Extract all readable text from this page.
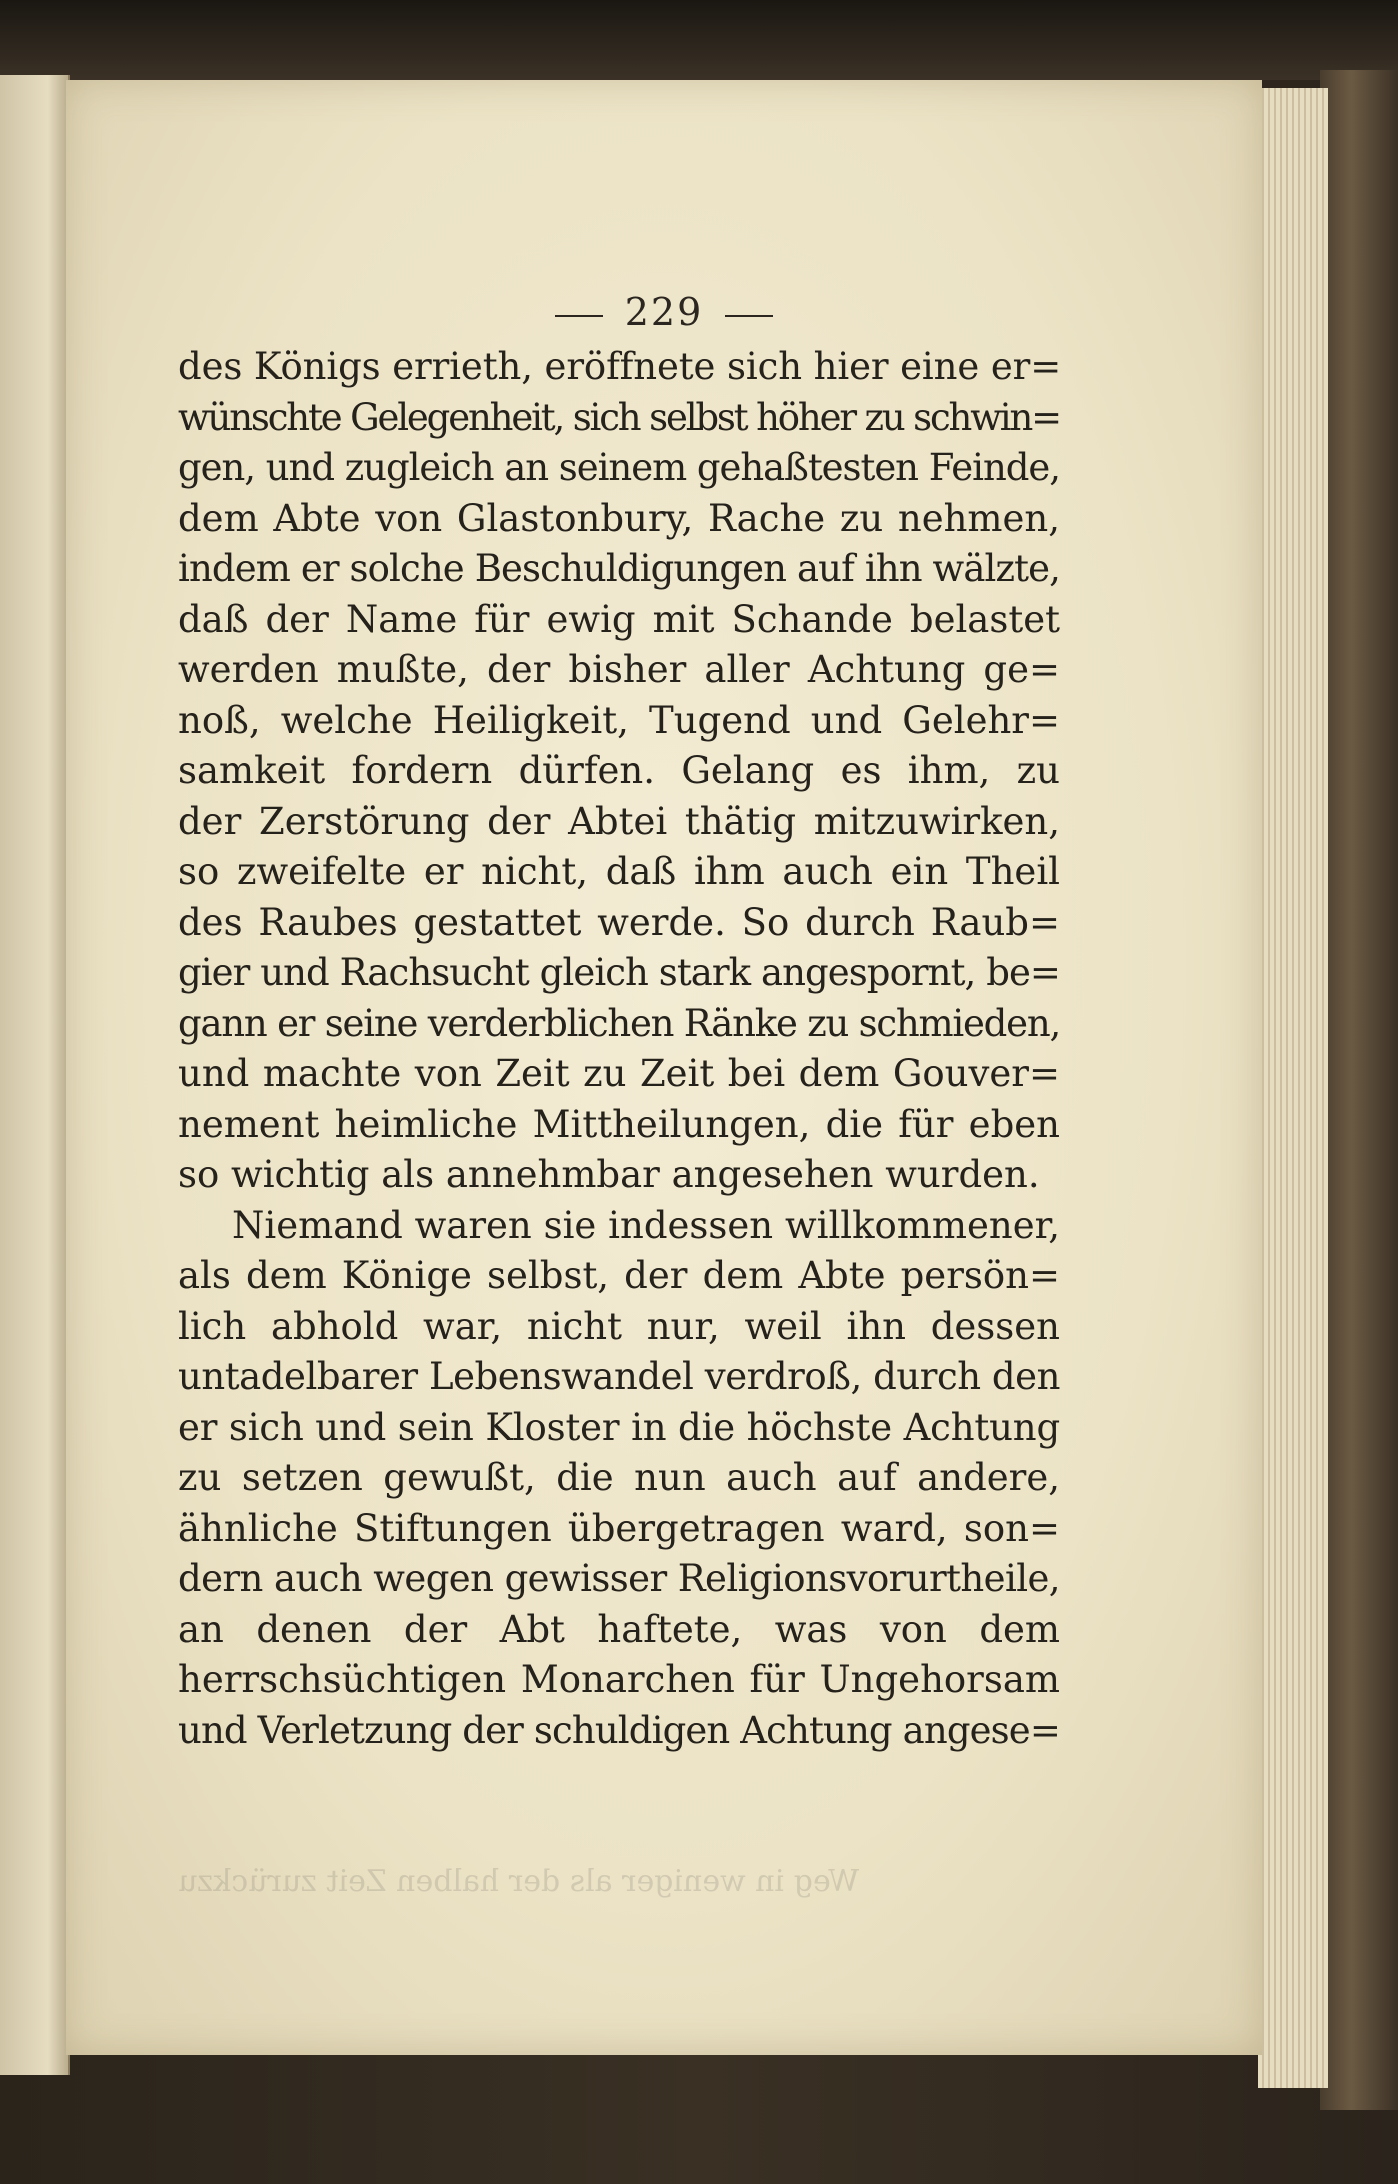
229
des Königs errieth, eröffnete sich hier eine er=
wünschte Gelegenheit, sich selbst höher zu schwin=
gen, und zugleich an seinem gehaßtesten Feinde,
dem Abte von Glastonbury, Rache zu nehmen,
indem er solche Beschuldigungen auf ihn wälzte,
daß der Name für ewig mit Schande belastet
werden mußte, der bisher aller Achtung ge=
noß, welche Heiligkeit, Tugend und Gelehr=
samkeit fordern dürfen. Gelang es ihm, zu
der Zerstörung der Abtei thätig mitzuwirken,
so zweifelte er nicht, daß ihm auch ein Theil
des Raubes gestattet werde. So durch Raub=
gier und Rachsucht gleich stark angespornt, be=
gann er seine verderblichen Ränke zu schmieden,
und machte von Zeit zu Zeit bei dem Gouver=
nement heimliche Mittheilungen, die für eben
so wichtig als annehmbar angesehen wurden.
Niemand waren sie indessen willkommener,
als dem Könige selbst, der dem Abte persön=
lich abhold war, nicht nur, weil ihn dessen
untadelbarer Lebenswandel verdroß, durch den
er sich und sein Kloster in die höchste Achtung
zu setzen gewußt, die nun auch auf andere,
ähnliche Stiftungen übergetragen ward, son=
dern auch wegen gewisser Religionsvorurtheile,
an denen der Abt haftete, was von dem
herrschsüchtigen Monarchen für Ungehorsam
und Verletzung der schuldigen Achtung angese=
Weg in weniger als der halben Zeit zurückzu
